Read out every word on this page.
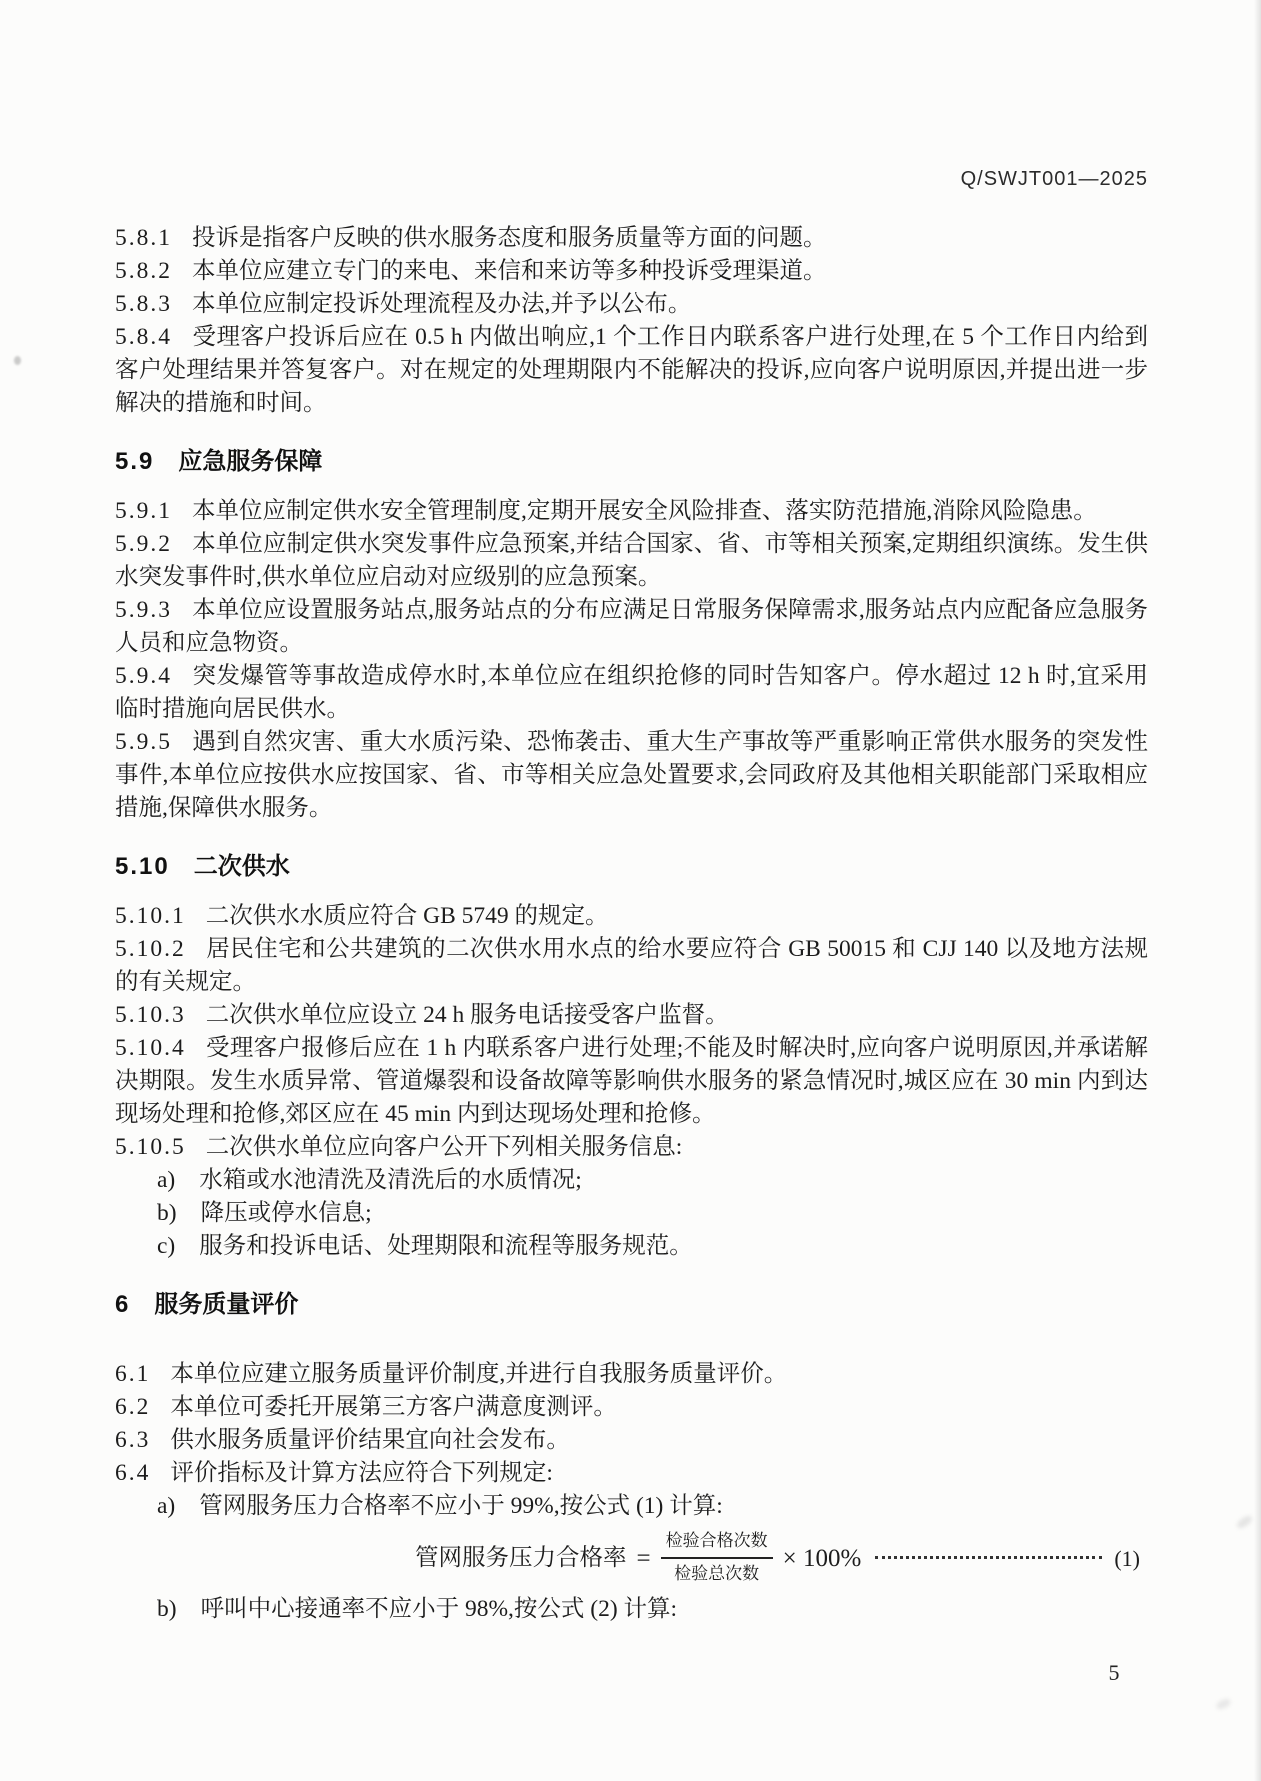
Q/SWJT001—2025

5.8.1 投诉是指客户反映的供水服务态度和服务质量等方面的问题。

5.8.2 本单位应建立专门的来电、来信和来访等多种投诉受理渠道。

5.8.3 本单位应制定投诉处理流程及办法,并予以公布。

5.8.4 受理客户投诉后应在 0.5 h 内做出响应,1 个工作日内联系客户进行处理,在 5 个工作日内给到客户处理结果并答复客户。对在规定的处理期限内不能解决的投诉,应向客户说明原因,并提出进一步解决的措施和时间。

5.9 应急服务保障

5.9.1 本单位应制定供水安全管理制度,定期开展安全风险排查、落实防范措施,消除风险隐患。

5.9.2 本单位应制定供水突发事件应急预案,并结合国家、省、市等相关预案,定期组织演练。发生供水突发事件时,供水单位应启动对应级别的应急预案。

5.9.3 本单位应设置服务站点,服务站点的分布应满足日常服务保障需求,服务站点内应配备应急服务人员和应急物资。

5.9.4 突发爆管等事故造成停水时,本单位应在组织抢修的同时告知客户。停水超过 12 h 时,宜采用临时措施向居民供水。

5.9.5 遇到自然灾害、重大水质污染、恐怖袭击、重大生产事故等严重影响正常供水服务的突发性事件,本单位应按供水应按国家、省、市等相关应急处置要求,会同政府及其他相关职能部门采取相应措施,保障供水服务。

5.10 二次供水

5.10.1 二次供水水质应符合 GB 5749 的规定。

5.10.2 居民住宅和公共建筑的二次供水用水点的给水要应符合 GB 50015 和 CJJ 140 以及地方法规的有关规定。

5.10.3 二次供水单位应设立 24 h 服务电话接受客户监督。

5.10.4 受理客户报修后应在 1 h 内联系客户进行处理;不能及时解决时,应向客户说明原因,并承诺解决期限。发生水质异常、管道爆裂和设备故障等影响供水服务的紧急情况时,城区应在 30 min 内到达现场处理和抢修,郊区应在 45 min 内到达现场处理和抢修。

5.10.5 二次供水单位应向客户公开下列相关服务信息:

a) 水箱或水池清洗及清洗后的水质情况;

b) 降压或停水信息;

c) 服务和投诉电话、处理期限和流程等服务规范。

6 服务质量评价

6.1 本单位应建立服务质量评价制度,并进行自我服务质量评价。

6.2 本单位可委托开展第三方客户满意度测评。

6.3 供水服务质量评价结果宜向社会发布。

6.4 评价指标及计算方法应符合下列规定:

a) 管网服务压力合格率不应小于 99%,按公式 (1) 计算:

管网服务压力合格率 = $\frac{\text{检验合格次数}}{\text{检验总次数}} \times 100\%$	(1)

b) 呼叫中心接通率不应小于 98%,按公式 (2) 计算:

5
